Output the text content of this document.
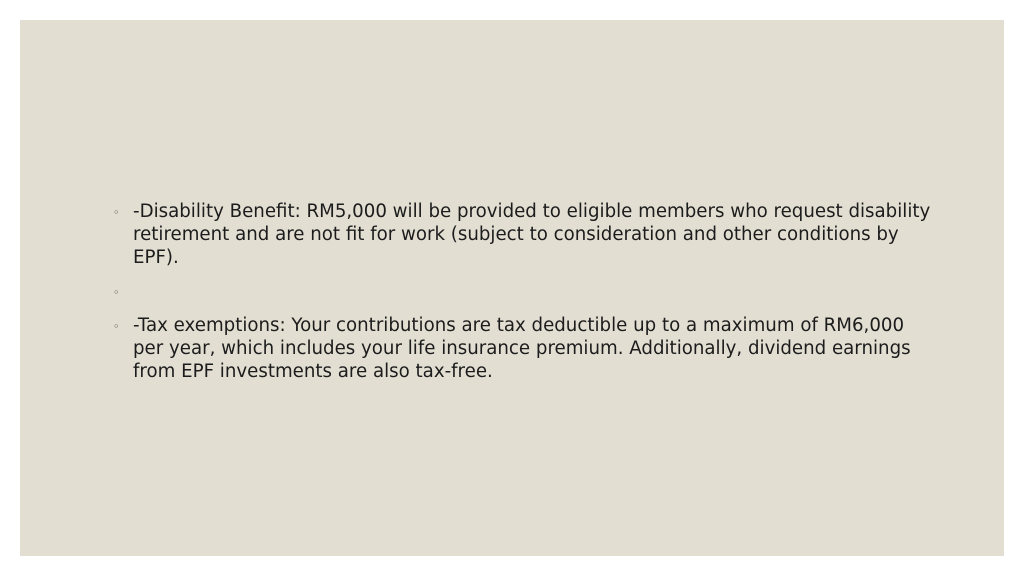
◦ -Disability Benefit: RM5,000 will be provided to eligible members who request disability retirement and are not fit for work (subject to consideration and other conditions by EPF).
◦
◦ -Tax exemptions: Your contributions are tax deductible up to a maximum of RM6,000 per year, which includes your life insurance premium. Additionally, dividend earnings from EPF investments are also tax-free.
